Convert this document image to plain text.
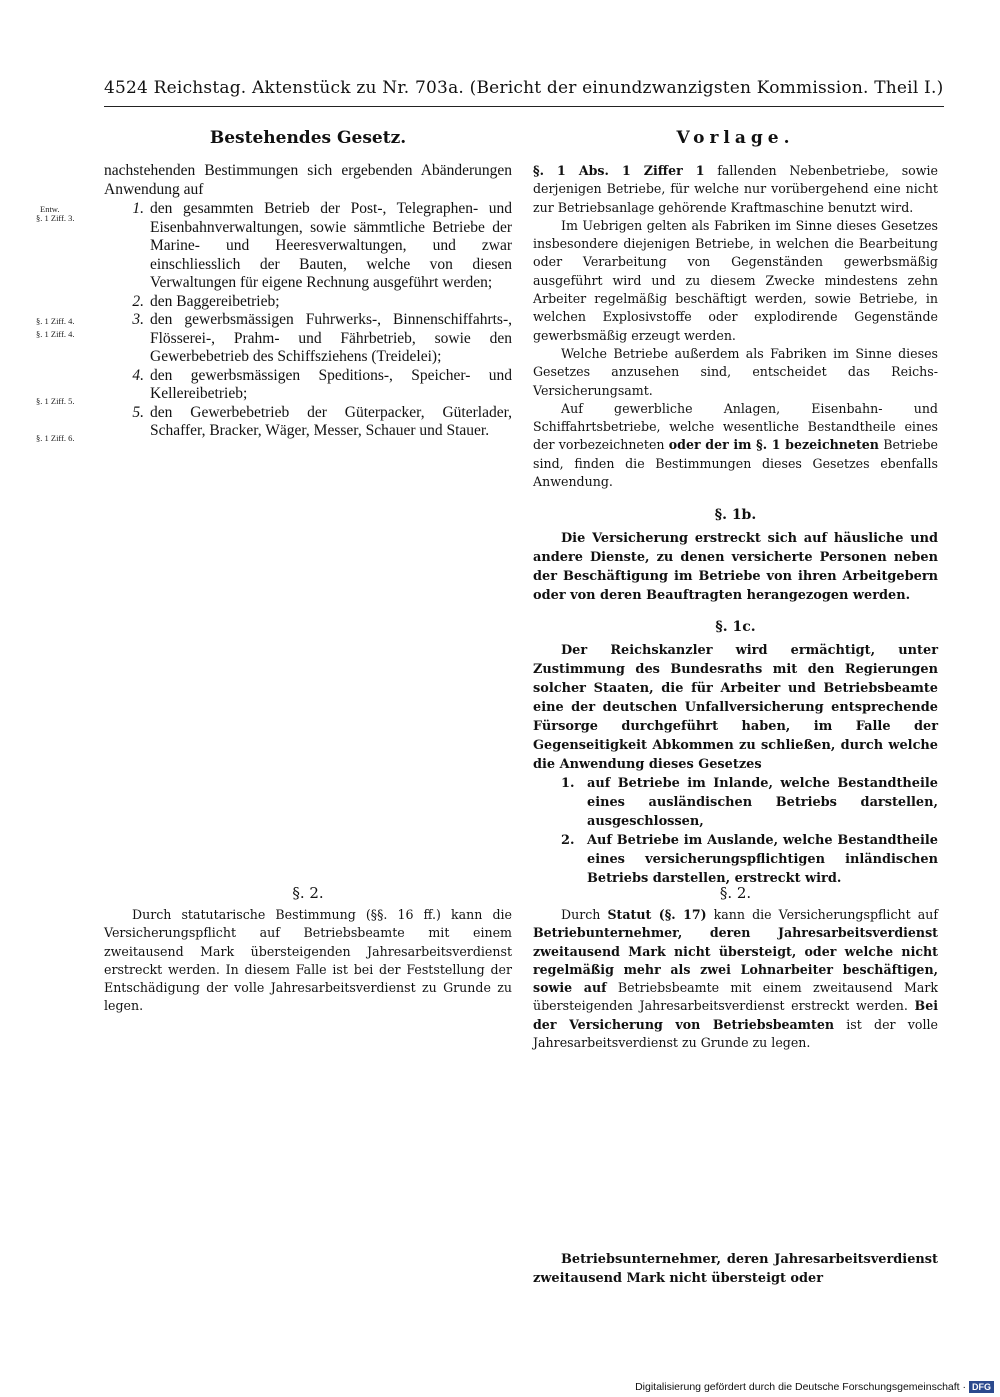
4524 Reichstag. Aktenstück zu Nr. 703a. (Bericht der einundzwanzigsten Kommission. Theil I.)
Entw.
§. 1 Ziff. 3.
§. 1 Ziff. 4.
§. 1 Ziff. 4.
§. 1 Ziff. 5.
§. 1 Ziff. 6.
Bestehendes Gesetz.

nachstehenden Bestimmungen sich ergebenden Abänderungen Anwendung auf

1. den gesammten Betrieb der Post-, Telegraphen- und Eisenbahnverwaltungen, sowie sämmtliche Betriebe der Marine- und Heeresverwaltungen, und zwar einschliesslich der Bauten, welche von diesen Verwaltungen für eigene Rechnung ausgeführt werden;
2. den Baggereibetrieb;
3. den gewerbsmässigen Fuhrwerks-, Binnenschiffahrts-, Flösserei-, Prahm- und Fährbetrieb, sowie den Gewerbebetrieb des Schiffsziehens (Treidelei);
4. den gewerbsmässigen Speditions-, Speicher- und Kellereibetrieb;
5. den Gewerbebetrieb der Güterpacker, Güterlader, Schaffer, Bracker, Wäger, Messer, Schauer und Stauer.

§. 2.

Durch statutarische Bestimmung (§§. 16 ff.) kann die Versicherungspflicht auf Betriebsbeamte mit einem zweitausend Mark übersteigenden Jahresarbeitsverdienst erstreckt werden. In diesem Falle ist bei der Feststellung der Entschädigung der volle Jahresarbeitsverdienst zu Grunde zu legen.

Vorlage.

§. 1 Abs. 1 Ziffer 1 fallenden Nebenbetriebe, sowie derjenigen Betriebe, für welche nur vorübergehend eine nicht zur Betriebsanlage gehörende Kraftmaschine benutzt wird.

Im Uebrigen gelten als Fabriken im Sinne dieses Gesetzes insbesondere diejenigen Betriebe, in welchen die Bearbeitung oder Verarbeitung von Gegenständen gewerbsmäßig ausgeführt wird und zu diesem Zwecke mindestens zehn Arbeiter regelmäßig beschäftigt werden, sowie Betriebe, in welchen Explosivstoffe oder explodirende Gegenstände gewerbsmäßig erzeugt werden.

Welche Betriebe außerdem als Fabriken im Sinne dieses Gesetzes anzusehen sind, entscheidet das Reichs-Versicherungsamt.

Auf gewerbliche Anlagen, Eisenbahn- und Schiffahrtsbetriebe, welche wesentliche Bestandtheile eines der vorbezeichneten oder der im §. 1 bezeichneten Betriebe sind, finden die Bestimmungen dieses Gesetzes ebenfalls Anwendung.

§. 1b.

Die Versicherung erstreckt sich auf häusliche und andere Dienste, zu denen versicherte Personen neben der Beschäftigung im Betriebe von ihren Arbeitgebern oder von deren Beauftragten herangezogen werden.

§. 1c.

Der Reichskanzler wird ermächtigt, unter Zustimmung des Bundesraths mit den Regierungen solcher Staaten, die für Arbeiter und Betriebsbeamte eine der deutschen Unfallversicherung entsprechende Fürsorge durchgeführt haben, im Falle der Gegenseitigkeit Abkommen zu schließen, durch welche die Anwendung dieses Gesetzes

1. auf Betriebe im Inlande, welche Bestandtheile eines ausländischen Betriebs darstellen, ausgeschlossen,
2. Auf Betriebe im Auslande, welche Bestandtheile eines versicherungspflichtigen inländischen Betriebs darstellen, erstreckt wird.

§. 2.

Durch Statut (§. 17) kann die Versicherungspflicht auf Betriebunternehmer, deren Jahresarbeitsverdienst zweitausend Mark nicht übersteigt, oder welche nicht regelmäßig mehr als zwei Lohnarbeiter beschäftigen, sowie auf Betriebsbeamte mit einem zweitausend Mark übersteigenden Jahresarbeitsverdienst erstreckt werden. Bei der Versicherung von Betriebsbeamten ist der volle Jahresarbeitsverdienst zu Grunde zu legen.

Betriebsunternehmer, deren Jahresarbeitsverdienst zweitausend Mark nicht übersteigt oder

Digitalisierung gefördert durch die Deutsche Forschungsgemeinschaft · DFG
